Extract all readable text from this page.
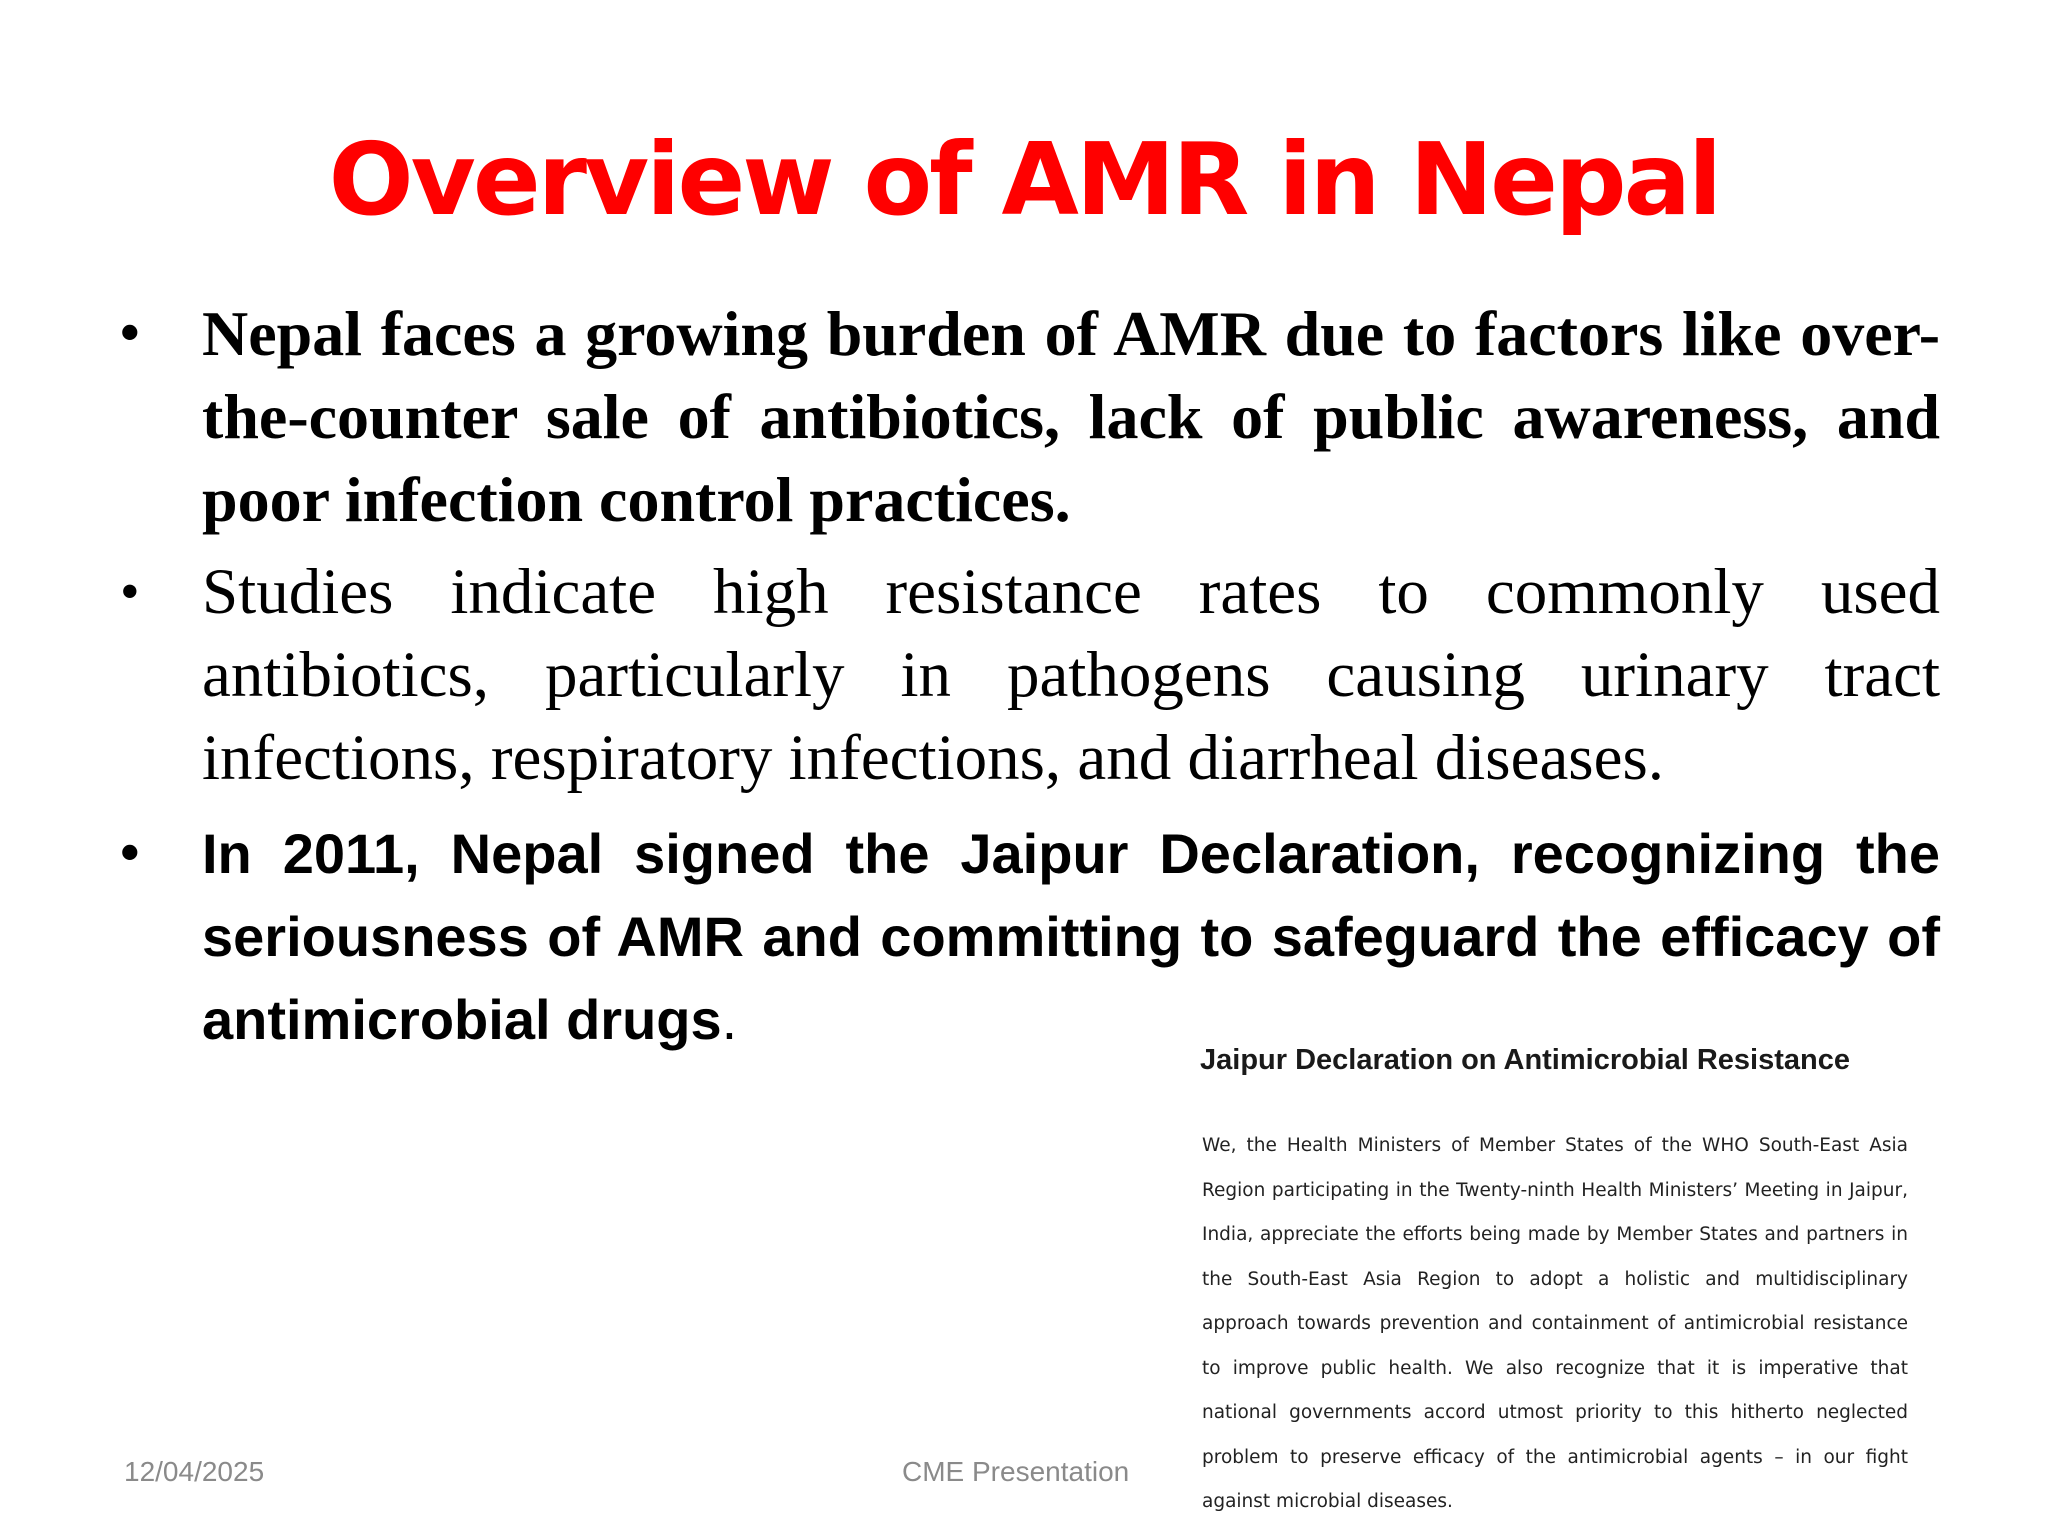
Overview of AMR in Nepal
• Nepal faces a growing burden of AMR due to factors like over-the-counter sale of antibiotics, lack of public awareness, and poor infection control practices.
• Studies indicate high resistance rates to commonly used antibiotics, particularly in pathogens causing urinary tract infections, respiratory infections, and diarrheal diseases.
• In 2011, Nepal signed the Jaipur Declaration, recognizing the seriousness of AMR and committing to safeguard the efficacy of antimicrobial drugs.
Jaipur Declaration on Antimicrobial Resistance

We, the Health Ministers of Member States of the WHO South-East Asia Region participating in the Twenty-ninth Health Ministers’ Meeting in Jaipur, India, appreciate the efforts being made by Member States and partners in the South-East Asia Region to adopt a holistic and multidisciplinary approach towards prevention and containment of antimicrobial resistance to improve public health. We also recognize that it is imperative that national governments accord utmost priority to this hitherto neglected problem to preserve efficacy of the antimicrobial agents – in our fight against microbial diseases.

12/04/2025	CME Presentation
